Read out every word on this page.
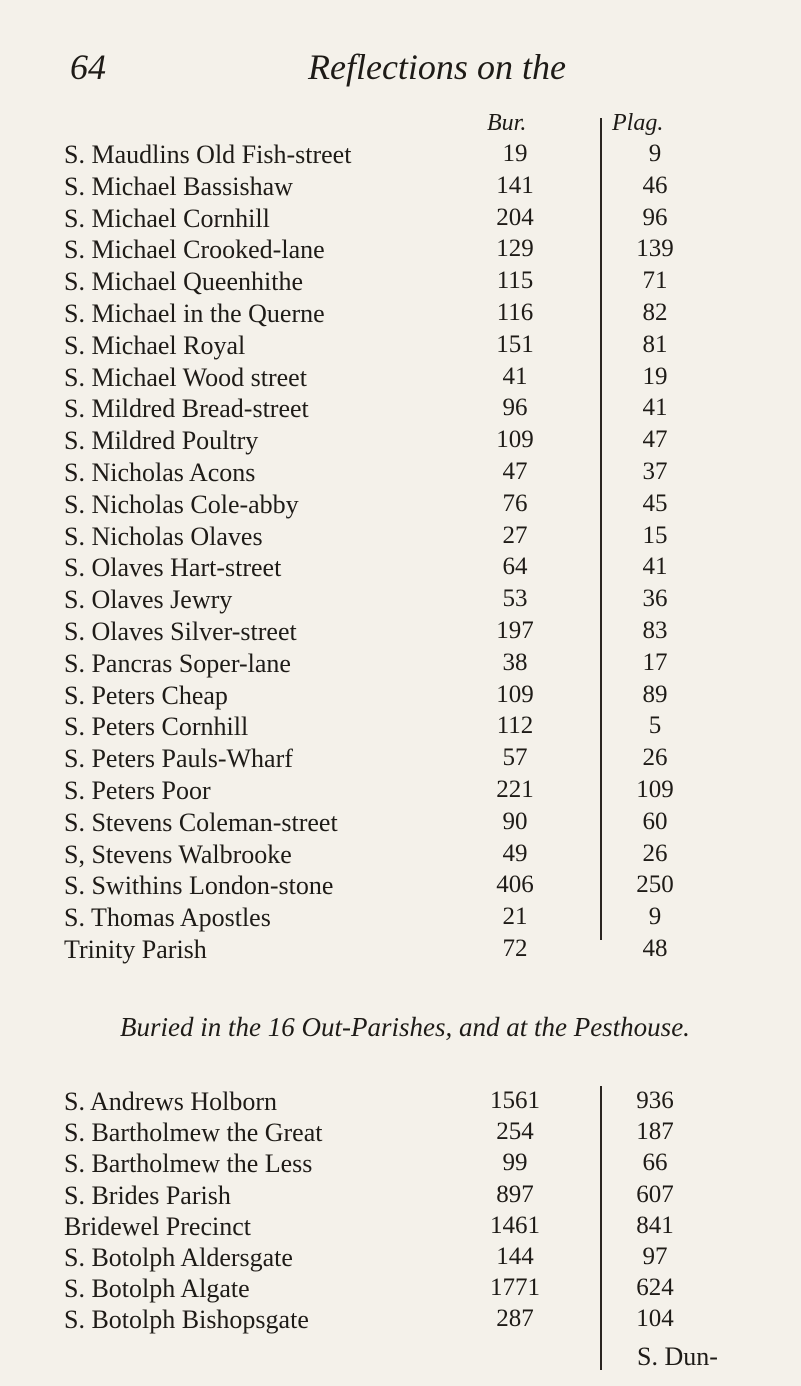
64	Reflections on the
Bur.	Plag.
S. Maudlins Old Fish-street	19	9
S. Michael Bassishaw	141	46
S. Michael Cornhill	204	96
S. Michael Crooked-lane	129	139
S. Michael Queenhithe	115	71
S. Michael in the Querne	116	82
S. Michael Royal	151	81
S. Michael Wood street	41	19
S. Mildred Bread-street	96	41
S. Mildred Poultry	109	47
S. Nicholas Acons	47	37
S. Nicholas Cole-abby	76	45
S. Nicholas Olaves	27	15
S. Olaves Hart-street	64	41
S. Olaves Jewry	53	36
S. Olaves Silver-street	197	83
S. Pancras Soper-lane	38	17
S. Peters Cheap	109	89
S. Peters Cornhill	112	5
S. Peters Pauls-Wharf	57	26
S. Peters Poor	221	109
S. Stevens Coleman-street	90	60
S, Stevens Walbrooke	49	26
S. Swithins London-stone	406	250
S. Thomas Apostles	21	9
Trinity Parish	72	48
Buried in the 16 Out-Parishes, and at the Pesthouse.
S. Andrews Holborn	1561	936
S. Bartholmew the Great	254	187
S. Bartholmew the Less	99	66
S. Brides Parish	897	607
Bridewel Precinct	1461	841
S. Botolph Aldersgate	144	97
S. Botolph Algate	1771	624
S. Botolph Bishopsgate	287	104
S. Dun-
